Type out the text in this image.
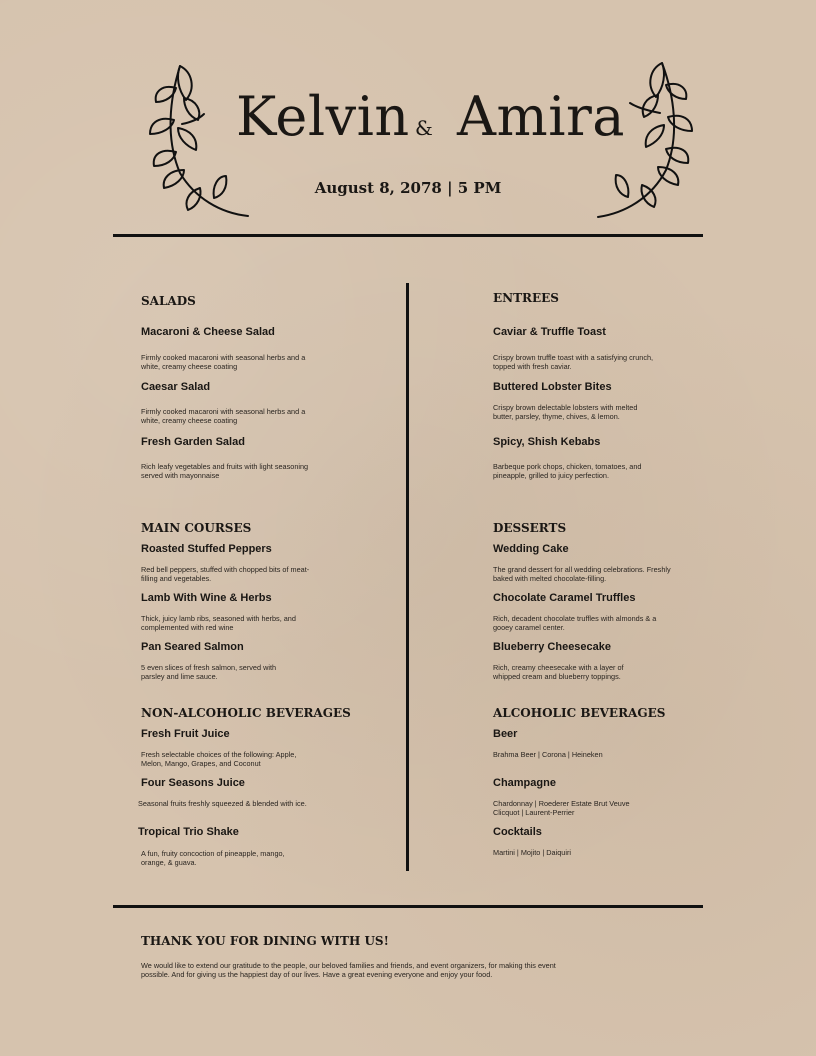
Kelvin & Amira
August 8, 2078 | 5 PM
SALADS
Macaroni & Cheese Salad
Firmly cooked macaroni with seasonal herbs and a white, creamy cheese coating
Caesar Salad
Firmly cooked macaroni with seasonal herbs and a white, creamy cheese coating
Fresh Garden Salad
Rich leafy vegetables and fruits with light seasoning served with mayonnaise
ENTREES
Caviar & Truffle Toast
Crispy brown truffle toast with a satisfying crunch, topped with fresh caviar.
Buttered Lobster Bites
Crispy brown delectable lobsters with melted butter, parsley, thyme, chives, & lemon.
Spicy, Shish Kebabs
Barbeque pork chops, chicken, tomatoes, and pineapple, grilled to juicy perfection.
MAIN COURSES
Roasted Stuffed Peppers
Red bell peppers, stuffed with chopped bits of meat-filling and vegetables.
Lamb With Wine & Herbs
Thick, juicy lamb ribs, seasoned with herbs, and complemented with red wine
Pan Seared Salmon
5 even slices of fresh salmon, served with parsley and lime sauce.
DESSERTS
Wedding Cake
The grand dessert for all wedding celebrations. Freshly baked with melted chocolate-filling.
Chocolate Caramel Truffles
Rich, decadent chocolate truffles with almonds & a gooey caramel center.
Blueberry Cheesecake
Rich, creamy cheesecake with a layer of whipped cream and blueberry toppings.
NON-ALCOHOLIC BEVERAGES
Fresh Fruit Juice
Fresh selectable choices of the following: Apple, Melon, Mango, Grapes, and Coconut
Four Seasons Juice
Seasonal fruits freshly squeezed & blended with ice.
Tropical Trio Shake
A fun, fruity concoction of pineapple, mango, orange, & guava.
ALCOHOLIC BEVERAGES
Beer
Brahma Beer | Corona | Heineken
Champagne
Chardonnay | Roederer Estate Brut Veuve Clicquot | Laurent-Perrier
Cocktails
Martini | Mojito | Daiquiri
THANK YOU FOR DINING WITH US!
We would like to extend our gratitude to the people, our beloved families and friends, and event organizers, for making this event possible. And for giving us the happiest day of our lives. Have a great evening everyone and enjoy your food.
